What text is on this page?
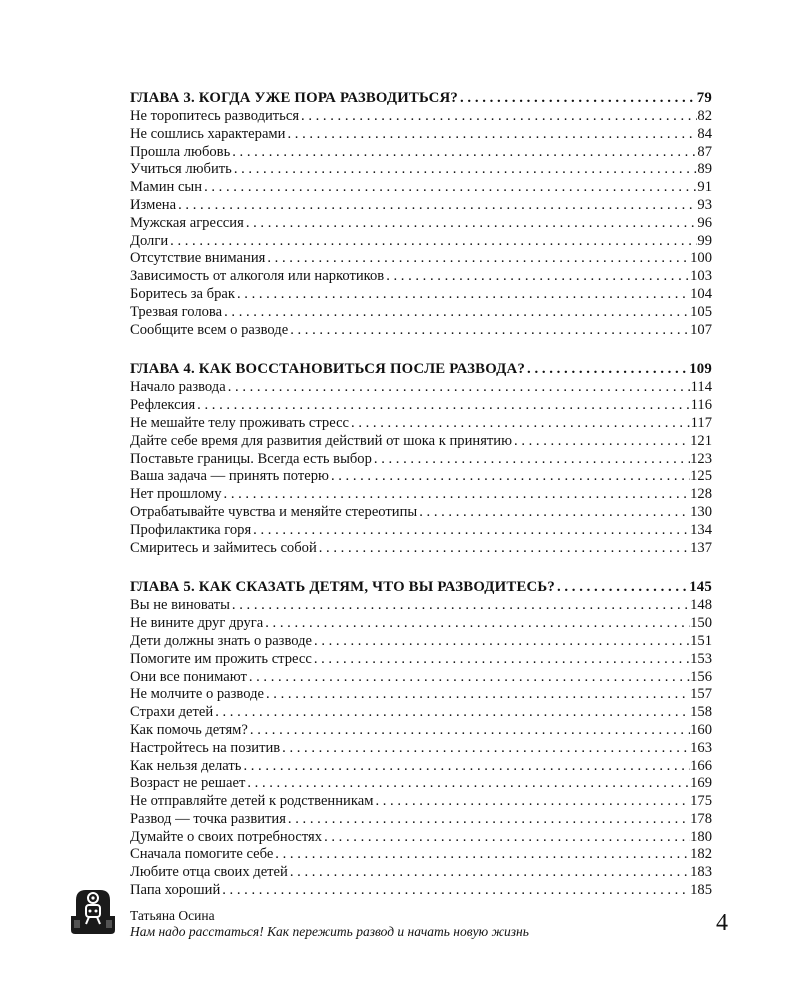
ГЛАВА 3. КОГДА УЖЕ ПОРА РАЗВОДИТЬСЯ? . . .	79
Не торопитесь разводиться . . .	82
Не сошлись характерами . . .	84
Прошла любовь . . .	87
Учиться любить . . .	89
Мамин сын . . .	91
Измена . . .	93
Мужская агрессия . . .	96
Долги . . .	99
Отсутствие внимания . . .	100
Зависимость от алкоголя или наркотиков . . .	103
Боритесь за брак . . .	104
Трезвая голова . . .	105
Сообщите всем о разводе . . .	107
ГЛАВА 4. КАК ВОССТАНОВИТЬСЯ ПОСЛЕ РАЗВОДА? . . .	109
Начало развода . . .	114
Рефлексия . . .	116
Не мешайте телу проживать стресс . . .	117
Дайте себе время для развития действий от шока к принятию . . .	121
Поставьте границы. Всегда есть выбор . . .	123
Ваша задача — принять потерю . . .	125
Нет прошлому . . .	128
Отрабатывайте чувства и меняйте стереотипы . . .	130
Профилактика горя . . .	134
Смиритесь и займитесь собой . . .	137
ГЛАВА 5. КАК СКАЗАТЬ ДЕТЯМ, ЧТО ВЫ РАЗВОДИТЕСЬ? . . .	145
Вы не виноваты . . .	148
Не вините друг друга . . .	150
Дети должны знать о разводе . . .	151
Помогите им прожить стресс . . .	153
Они все понимают . . .	156
Не молчите о разводе . . .	157
Страхи детей . . .	158
Как помочь детям? . . .	160
Настройтесь на позитив . . .	163
Как нельзя делать . . .	166
Возраст не решает . . .	169
Не отправляйте детей к родственникам . . .	175
Развод — точка развития . . .	178
Думайте о своих потребностях . . .	180
Сначала помогите себе . . .	182
Любите отца своих детей . . .	183
Папа хороший . . .	185
Татьяна Осина
Нам надо расстаться! Как пережить развод и начать новую жизнь	4
